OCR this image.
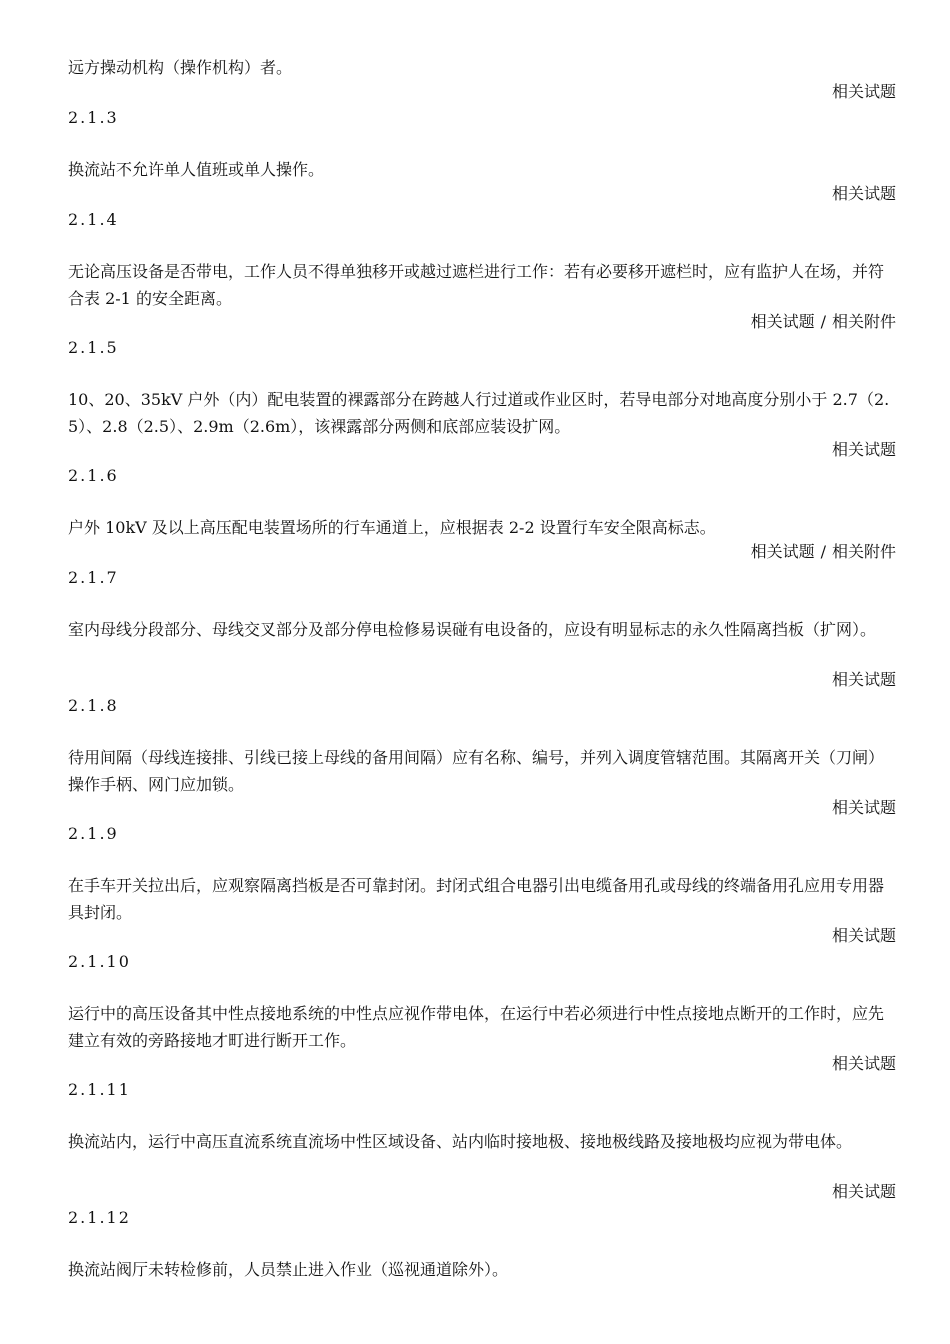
远方操动机构（操作机构）者。
相关试题
2.1.3
换流站不允许单人值班或单人操作。
相关试题
2.1.4
无论高压设备是否带电，工作人员不得单独移开或越过遮栏进行工作：若有必要移开遮栏时，应有监护人在场，并符合表 2-1 的安全距离。
相关试题 / 相关附件
2.1.5
10、20、35kV 户外（内）配电装置的裸露部分在跨越人行过道或作业区时，若导电部分对地高度分别小于 2.7（2.5）、2.8（2.5）、2.9m（2.6m），该裸露部分两侧和底部应装设扩网。
相关试题
2.1.6
户外 10kV 及以上高压配电装置场所的行车通道上，应根据表 2-2 设置行车安全限高标志。
相关试题 / 相关附件
2.1.7
室内母线分段部分、母线交叉部分及部分停电检修易误碰有电设备的，应设有明显标志的永久性隔离挡板（扩网）。
相关试题
2.1.8
待用间隔（母线连接排、引线已接上母线的备用间隔）应有名称、编号，并列入调度管辖范围。其隔离开关（刀闸）操作手柄、网门应加锁。
相关试题
2.1.9
在手车开关拉出后，应观察隔离挡板是否可靠封闭。封闭式组合电器引出电缆备用孔或母线的终端备用孔应用专用器具封闭。
相关试题
2.1.10
运行中的高压设备其中性点接地系统的中性点应视作带电体，在运行中若必须进行中性点接地点断开的工作时，应先建立有效的旁路接地才町进行断开工作。
相关试题
2.1.11
换流站内，运行中高压直流系统直流场中性区域设备、站内临时接地极、接地极线路及接地极均应视为带电体。
相关试题
2.1.12
换流站阀厅未转检修前，人员禁止进入作业（巡视通道除外）。
